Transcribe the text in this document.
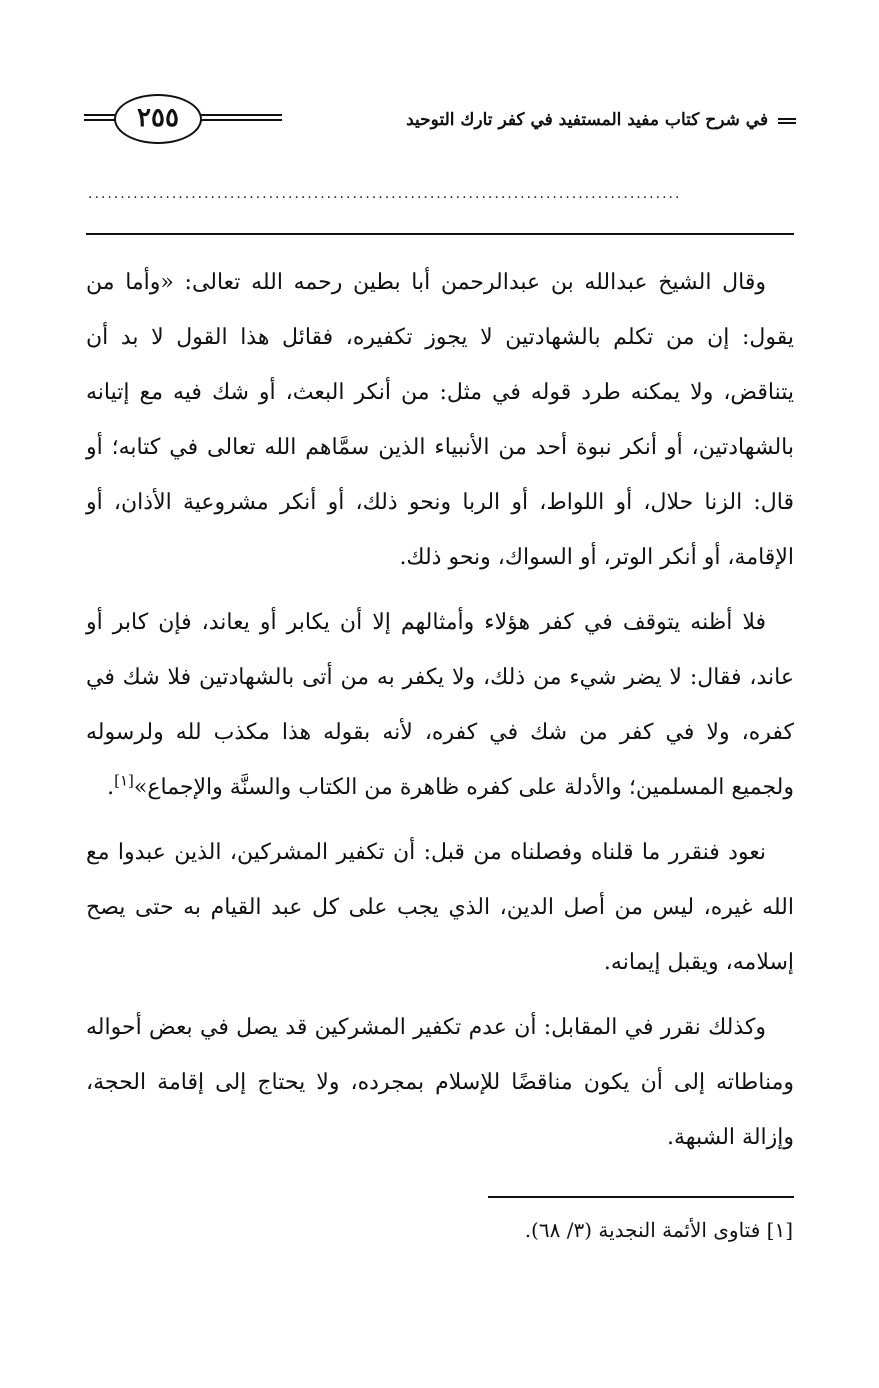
٢٥٥	في شرح كتاب مفيد المستفيد في كفر تارك التوحيد
............................................................................................

وقال الشيخ عبدالله بن عبدالرحمن أبا بطين رحمه الله تعالى: «وأما من يقول: إن من تكلم بالشهادتين لا يجوز تكفيره، فقائل هذا القول لا بد أن يتناقض، ولا يمكنه طرد قوله في مثل: من أنكر البعث، أو شك فيه مع إتيانه بالشهادتين، أو أنكر نبوة أحد من الأنبياء الذين سمَّاهم الله تعالى في كتابه؛ أو قال: الزنا حلال، أو اللواط، أو الربا ونحو ذلك، أو أنكر مشروعية الأذان، أو الإقامة، أو أنكر الوتر، أو السواك، ونحو ذلك.

فلا أظنه يتوقف في كفر هؤلاء وأمثالهم إلا أن يكابر أو يعاند، فإن كابر أو عاند، فقال: لا يضر شيء من ذلك، ولا يكفر به من أتى بالشهادتين فلا شك في كفره، ولا في كفر من شك في كفره، لأنه بقوله هذا مكذب لله ولرسوله ولجميع المسلمين؛ والأدلة على كفره ظاهرة من الكتاب والسنَّة والإجماع»[١].

نعود فنقرر ما قلناه وفصلناه من قبل: أن تكفير المشركين، الذين عبدوا مع الله غيره، ليس من أصل الدين، الذي يجب على كل عبد القيام به حتى يصح إسلامه، ويقبل إيمانه.

وكذلك نقرر في المقابل: أن عدم تكفير المشركين قد يصل في بعض أحواله ومناطاته إلى أن يكون مناقضًا للإسلام بمجرده، ولا يحتاج إلى إقامة الحجة، وإزالة الشبهة.

[١] فتاوى الأئمة النجدية (٣/ ٦٨).
